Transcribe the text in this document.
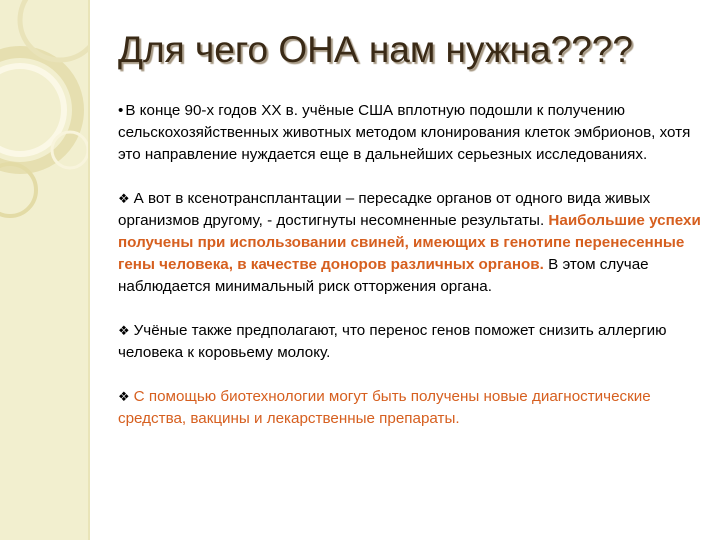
Для чего ОНА нам нужна????

• В конце 90-х годов XX в. учёные США вплотную подошли к получению сельскохозяйственных животных методом клонирования клеток эмбрионов, хотя это направление нуждается еще в дальнейших серьезных исследованиях.

❖ А вот в ксенотрансплантации – пересадке органов от одного вида живых организмов другому, - достигнуты несомненные результаты. Наибольшие успехи получены при использовании свиней, имеющих в генотипе перенесенные гены человека, в качестве доноров различных органов. В этом случае наблюдается минимальный риск отторжения органа.

❖ Учёные также предполагают, что перенос генов поможет снизить аллергию человека к коровьему молоку.

❖ С помощью биотехнологии могут быть получены новые диагностические средства, вакцины и лекарственные препараты.
